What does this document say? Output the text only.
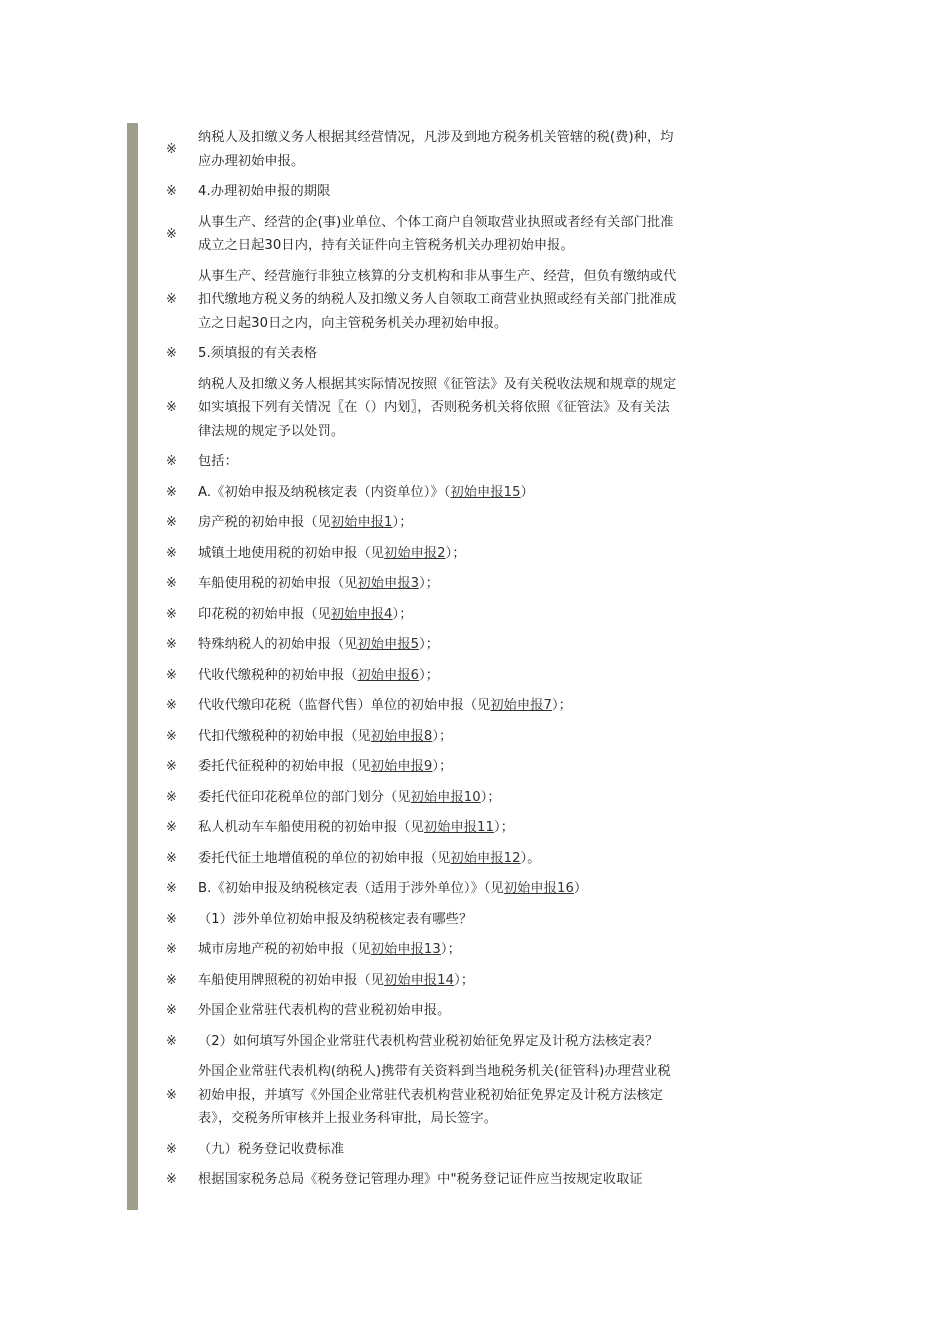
※
纳税人及扣缴义务人根据其经营情况，凡涉及到地方税务机关管辖的税(费)种，均应办理初始申报。
※	4.办理初始申报的期限
※
从事生产、经营的企(事)业单位、个体工商户自领取营业执照或者经有关部门批准成立之日起30日内，持有关证件向主管税务机关办理初始申报。
※
从事生产、经营施行非独立核算的分支机构和非从事生产、经营，但负有缴纳或代扣代缴地方税义务的纳税人及扣缴义务人自领取工商营业执照或经有关部门批准成立之日起30日之内，向主管税务机关办理初始申报。
※	5.须填报的有关表格
※
纳税人及扣缴义务人根据其实际情况按照《征管法》及有关税收法规和规章的规定如实填报下列有关情况〖在（）内划〗，否则税务机关将依照《征管法》及有关法律法规的规定予以处罚。
※	包括：
※	A.《初始申报及纳税核定表（内资单位）》（初始申报15）
※	房产税的初始申报（见初始申报1）；
※	城镇土地使用税的初始申报（见初始申报2）；
※	车船使用税的初始申报（见初始申报3）；
※	印花税的初始申报（见初始申报4）；
※	特殊纳税人的初始申报（见初始申报5）；
※	代收代缴税种的初始申报（初始申报6）；
※	代收代缴印花税（监督代售）单位的初始申报（见初始申报7）；
※	代扣代缴税种的初始申报（见初始申报8）；
※	委托代征税种的初始申报（见初始申报9）；
※	委托代征印花税单位的部门划分（见初始申报10）；
※	私人机动车车船使用税的初始申报（见初始申报11）；
※	委托代征土地增值税的单位的初始申报（见初始申报12）。
※	B.《初始申报及纳税核定表（适用于涉外单位）》（见初始申报16）
※	（1）涉外单位初始申报及纳税核定表有哪些？
※	城市房地产税的初始申报（见初始申报13）；
※	车船使用牌照税的初始申报（见初始申报14）；
※	外国企业常驻代表机构的营业税初始申报。
※	（2）如何填写外国企业常驻代表机构营业税初始征免界定及计税方法核定表？
※
外国企业常驻代表机构(纳税人)携带有关资料到当地税务机关(征管科)办理营业税初始申报，并填写《外国企业常驻代表机构营业税初始征免界定及计税方法核定表》，交税务所审核并上报业务科审批，局长签字。
※	（九）税务登记收费标准
※	根据国家税务总局《税务登记管理办理》中"税务登记证件应当按规定收取证
